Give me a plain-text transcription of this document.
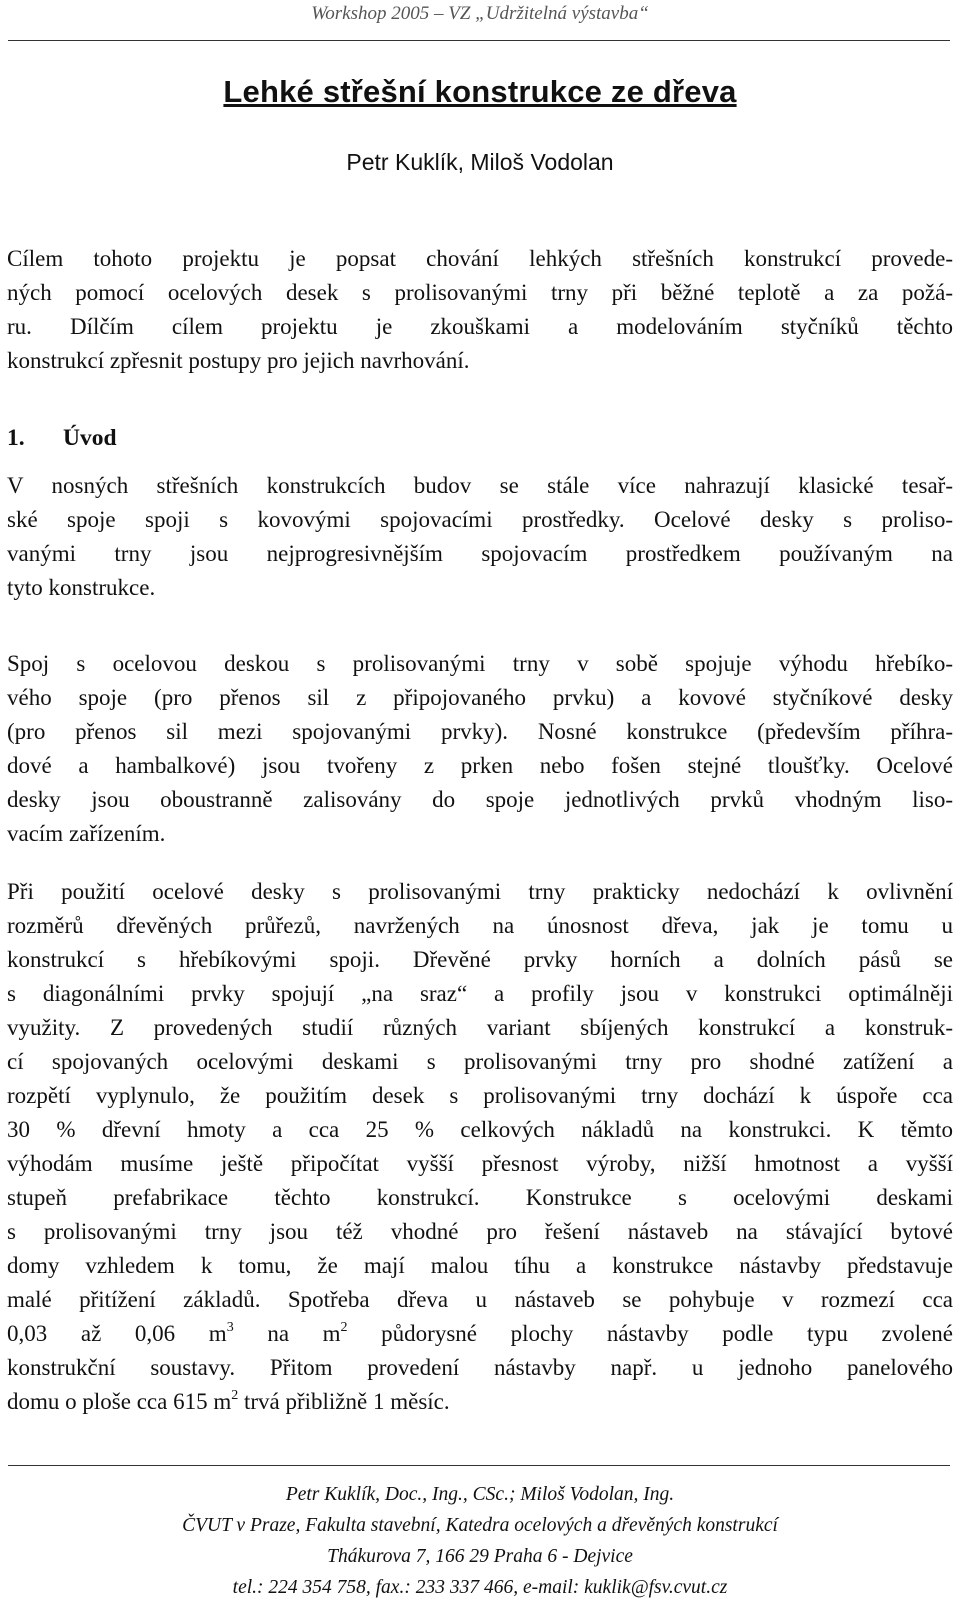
Workshop 2005 – VZ „Udržitelná výstavba“
Lehké střešní konstrukce ze dřeva
Petr Kuklík, Miloš Vodolan
Cílem tohoto projektu je popsat chování lehkých střešních konstrukcí provede-
ných pomocí ocelových desek s prolisovanými trny při běžné teplotě a za požá-
ru. Dílčím cílem projektu je zkouškami a modelováním styčníků těchto
konstrukcí zpřesnit postupy pro jejich navrhování.
1. Úvod
V nosných střešních konstrukcích budov se stále více nahrazují klasické tesař-
ské spoje spoji s kovovými spojovacími prostředky. Ocelové desky s proliso-
vanými trny jsou nejprogresivnějším spojovacím prostředkem používaným na
tyto konstrukce.
Spoj s ocelovou deskou s prolisovanými trny v sobě spojuje výhodu hřebíko-
vého spoje (pro přenos sil z připojovaného prvku) a kovové styčníkové desky
(pro přenos sil mezi spojovanými prvky). Nosné konstrukce (především příhra-
dové a hambalkové) jsou tvořeny z prken nebo fošen stejné tloušťky. Ocelové
desky jsou oboustranně zalisovány do spoje jednotlivých prvků vhodným liso-
vacím zařízením.
Při použití ocelové desky s prolisovanými trny prakticky nedochází k ovlivnění
rozměrů dřevěných průřezů, navržených na únosnost dřeva, jak je tomu u
konstrukcí s hřebíkovými spoji. Dřevěné prvky horních a dolních pásů se
s diagonálními prvky spojují „na sraz“ a profily jsou v konstrukci optimálněji
využity. Z provedených studií různých variant sbíjených konstrukcí a konstruk-
cí spojovaných ocelovými deskami s prolisovanými trny pro shodné zatížení a
rozpětí vyplynulo, že použitím desek s prolisovanými trny dochází k úspoře cca
30 % dřevní hmoty a cca 25 % celkových nákladů na konstrukci. K těmto
výhodám musíme ještě připočítat vyšší přesnost výroby, nižší hmotnost a vyšší
stupeň prefabrikace těchto konstrukcí. Konstrukce s ocelovými deskami
s prolisovanými trny jsou též vhodné pro řešení nástaveb na stávající bytové
domy vzhledem k tomu, že mají malou tíhu a konstrukce nástavby představuje
malé přitížení základů. Spotřeba dřeva u nástaveb se pohybuje v rozmezí cca
0,03 až 0,06 $m^3$ na $m^2$ půdorysné plochy nástavby podle typu zvolené
konstrukční soustavy. Přitom provedení nástavby např. u jednoho panelového
domu o ploše cca 615 $m^2$ trvá přibližně 1 měsíc.
Petr Kuklík, Doc., Ing., CSc.; Miloš Vodolan, Ing.
ČVUT v Praze, Fakulta stavební, Katedra ocelových a dřevěných konstrukcí
Thákurova 7, 166 29 Praha 6 - Dejvice
tel.: 224 354 758, fax.: 233 337 466, e-mail: kuklik@fsv.cvut.cz
